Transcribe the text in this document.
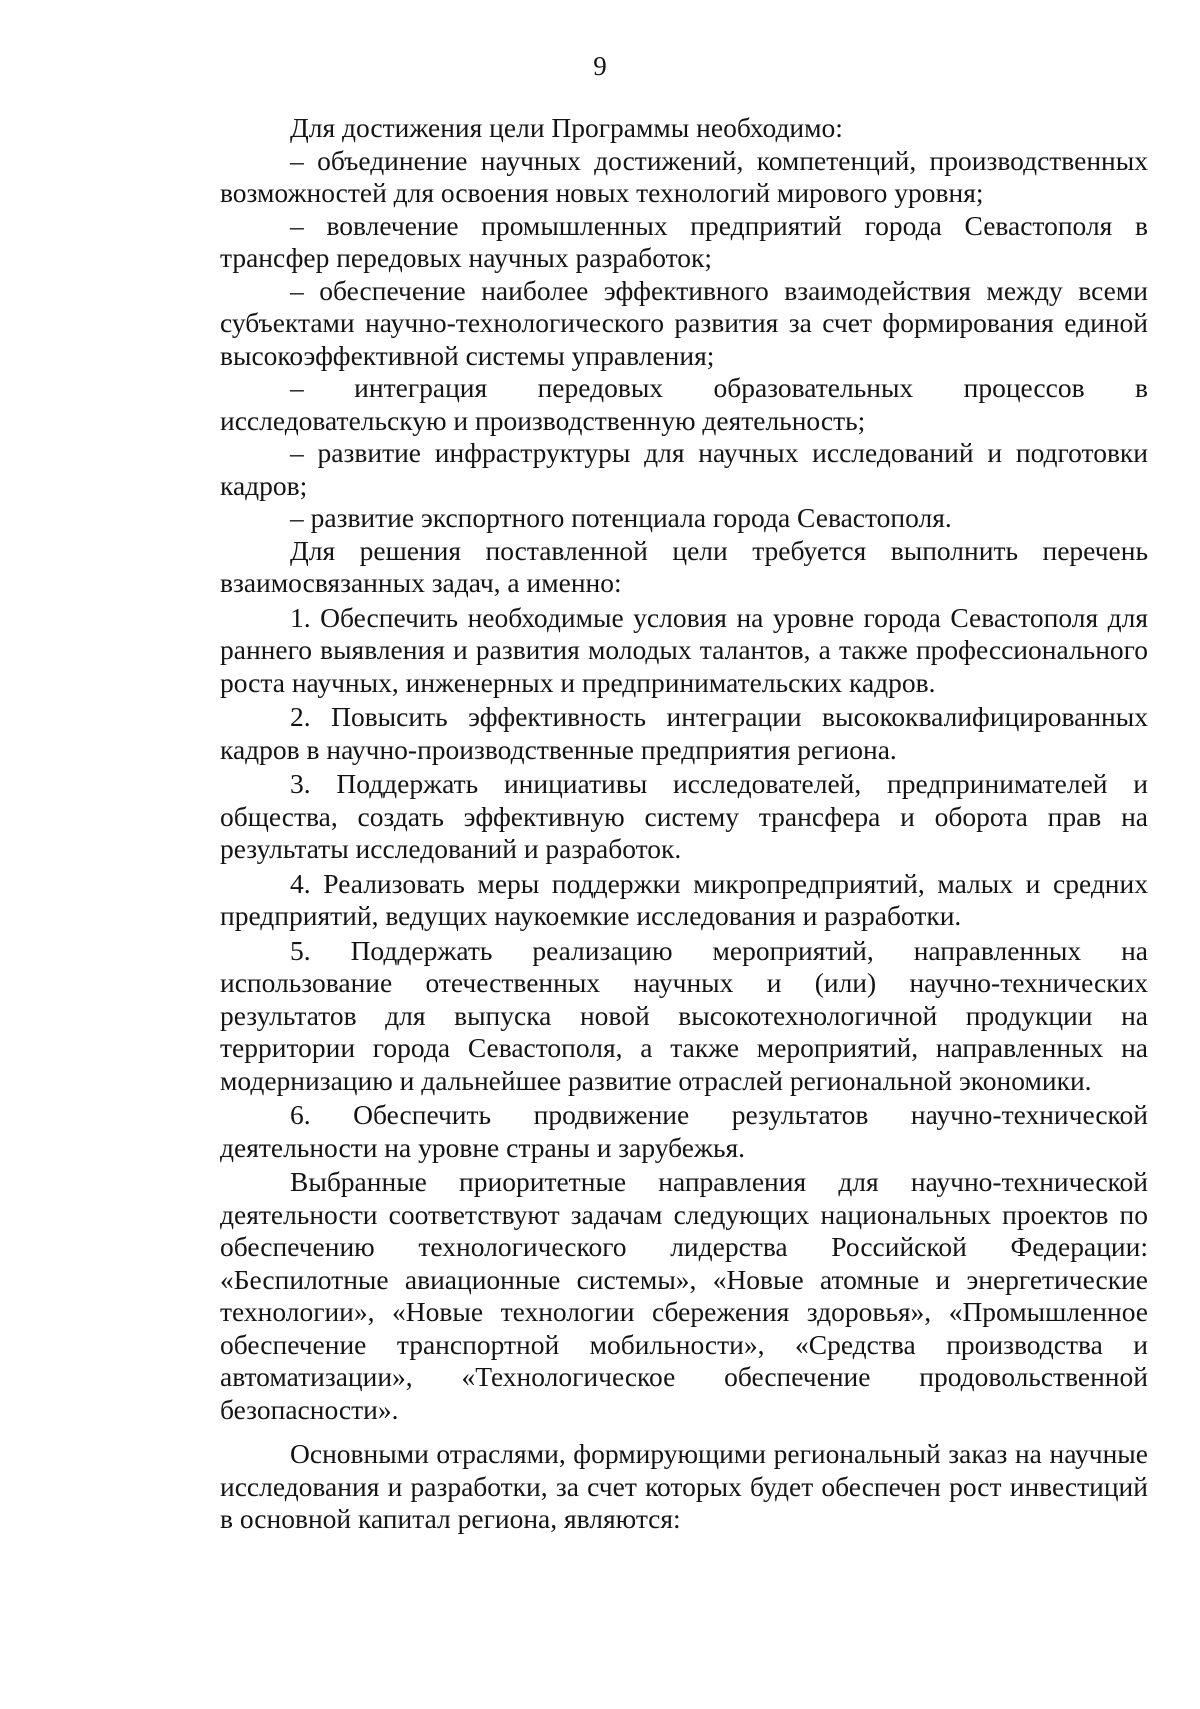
9

Для достижения цели Программы необходимо:

– объединение научных достижений, компетенций, производственных возможностей для освоения новых технологий мирового уровня;

– вовлечение промышленных предприятий города Севастополя в трансфер передовых научных разработок;

– обеспечение наиболее эффективного взаимодействия между всеми субъектами научно-технологического развития за счет формирования единой высокоэффективной системы управления;

– интеграция передовых образовательных процессов в исследовательскую и производственную деятельность;

– развитие инфраструктуры для научных исследований и подготовки кадров;

– развитие экспортного потенциала города Севастополя.

Для решения поставленной цели требуется выполнить перечень взаимосвязанных задач, а именно:

1. Обеспечить необходимые условия на уровне города Севастополя для раннего выявления и развития молодых талантов, а также профессионального роста научных, инженерных и предпринимательских кадров.

2. Повысить эффективность интеграции высококвалифицированных кадров в научно-производственные предприятия региона.

3. Поддержать инициативы исследователей, предпринимателей и общества, создать эффективную систему трансфера и оборота прав на результаты исследований и разработок.

4. Реализовать меры поддержки микропредприятий, малых и средних предприятий, ведущих наукоемкие исследования и разработки.

5. Поддержать реализацию мероприятий, направленных на использование отечественных научных и (или) научно-технических результатов для выпуска новой высокотехнологичной продукции на территории города Севастополя, а также мероприятий, направленных на модернизацию и дальнейшее развитие отраслей региональной экономики.

6. Обеспечить продвижение результатов научно-технической деятельности на уровне страны и зарубежья.

Выбранные приоритетные направления для научно-технической деятельности соответствуют задачам следующих национальных проектов по обеспечению технологического лидерства Российской Федерации: «Беспилотные авиационные системы», «Новые атомные и энергетические технологии», «Новые технологии сбережения здоровья», «Промышленное обеспечение транспортной мобильности», «Средства производства и автоматизации», «Технологическое обеспечение продовольственной безопасности».

Основными отраслями, формирующими региональный заказ на научные исследования и разработки, за счет которых будет обеспечен рост инвестиций в основной капитал региона, являются:
